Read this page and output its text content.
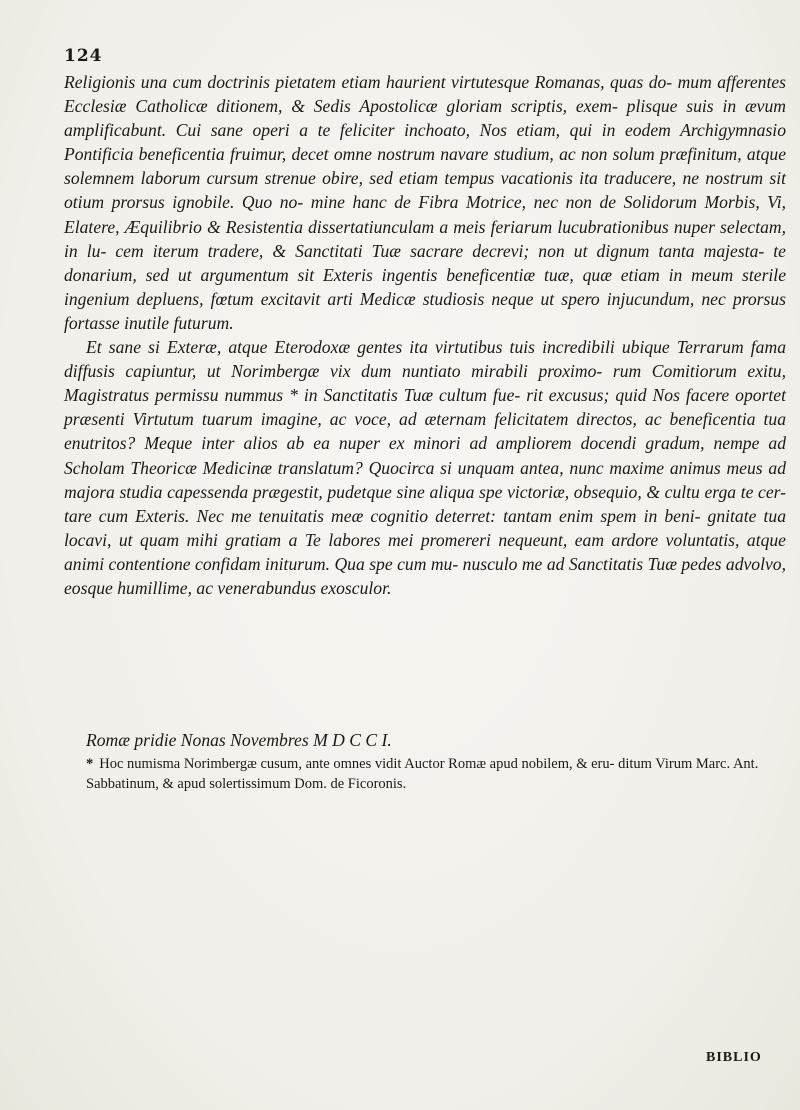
124

Religionis una cum doctrinis pietatem etiam haurient virtutesque Romanas, quas do- mum afferentes Ecclesiæ Catholicæ ditionem, & Sedis Apostolicæ gloriam scriptis, exem- plisque suis in ævum amplificabunt. Cui sane operi a te feliciter inchoato, Nos etiam, qui in eodem Archigymnasio Pontificia beneficentia fruimur, decet omne nostrum navare studium, ac non solum præfinitum, atque solemnem laborum cursum strenue obire, sed etiam tempus vacationis ita traducere, ne nostrum sit otium prorsus ignobile. Quo no- mine hanc de Fibra Motrice, nec non de Solidorum Morbis, Vi, Elatere, Æquilibrio & Resistentia dissertatiunculam a meis feriarum lucubrationibus nuper selectam, in lu- cem iterum tradere, & Sanctitati Tuæ sacrare decrevi; non ut dignum tanta majesta- te donarium, sed ut argumentum sit Exteris ingentis beneficentiæ tuæ, quæ etiam in meum sterile ingenium depluens, fœtum excitavit arti Medicæ studiosis neque ut spero injucundum, nec prorsus fortasse inutile futurum.

Et sane si Exteræ, atque Eterodoxæ gentes ita virtutibus tuis incredibili ubique Terrarum fama diffusis capiuntur, ut Norimbergæ vix dum nuntiato mirabili proximo- rum Comitiorum exitu, Magistratus permissu nummus * in Sanctitatis Tuæ cultum fue- rit excusus; quid Nos facere oportet præsenti Virtutum tuarum imagine, ac voce, ad æternam felicitatem directos, ac beneficentia tua enutritos? Meque inter alios ab ea nuper ex minori ad ampliorem docendi gradum, nempe ad Scholam Theoricæ Medicinæ translatum? Quocirca si unquam antea, nunc maxime animus meus ad majora studia capessenda prægestit, pudetque sine aliqua spe victoriæ, obsequio, & cultu erga te cer- tare cum Exteris. Nec me tenuitatis meæ cognitio deterret: tantam enim spem in beni- gnitate tua locavi, ut quam mihi gratiam a Te labores mei promereri nequeunt, eam ardore voluntatis, atque animi contentione confidam initurum. Qua spe cum mu- nusculo me ad Sanctitatis Tuæ pedes advolvo, eosque humillime, ac venerabundus exosculor.

Romæ pridie Nonas Novembres M D C C I.

* Hoc numisma Norimbergæ cusum, ante omnes vidit Auctor Romæ apud nobilem, & eru- ditum Virum Marc. Ant. Sabbatinum, & apud solertissimum Dom. de Ficoronis.

BIBLIO
